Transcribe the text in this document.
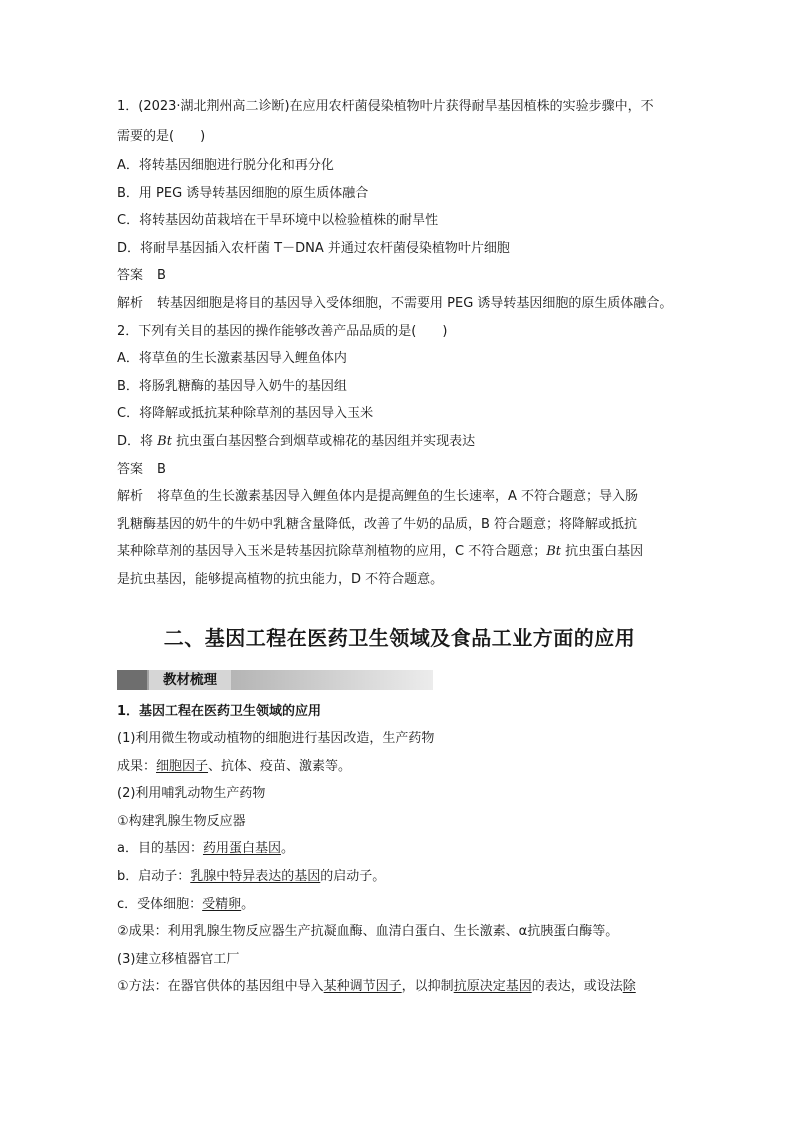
1．(2023·湖北荆州高二诊断)在应用农杆菌侵染植物叶片获得耐旱基因植株的实验步骤中，不
需要的是(　　)
A．将转基因细胞进行脱分化和再分化
B．用 PEG 诱导转基因细胞的原生质体融合
C．将转基因幼苗栽培在干旱环境中以检验植株的耐旱性
D．将耐旱基因插入农杆菌 T－DNA 并通过农杆菌侵染植物叶片细胞
答案 B
解析 转基因细胞是将目的基因导入受体细胞，不需要用 PEG 诱导转基因细胞的原生质体融合。
2．下列有关目的基因的操作能够改善产品品质的是(　　)
A．将草鱼的生长激素基因导入鲤鱼体内
B．将肠乳糖酶的基因导入奶牛的基因组
C．将降解或抵抗某种除草剂的基因导入玉米
D．将 Bt 抗虫蛋白基因整合到烟草或棉花的基因组并实现表达
答案 B
解析 将草鱼的生长激素基因导入鲤鱼体内是提高鲤鱼的生长速率，A 不符合题意；导入肠
乳糖酶基因的奶牛的牛奶中乳糖含量降低，改善了牛奶的品质，B 符合题意；将降解或抵抗
某种除草剂的基因导入玉米是转基因抗除草剂植物的应用，C 不符合题意；Bt 抗虫蛋白基因
是抗虫基因，能够提高植物的抗虫能力，D 不符合题意。
二、基因工程在医药卫生领域及食品工业方面的应用
教材梳理
1．基因工程在医药卫生领域的应用
(1)利用微生物或动植物的细胞进行基因改造，生产药物
成果：细胞因子、抗体、疫苗、激素等。
(2)利用哺乳动物生产药物
①构建乳腺生物反应器
a．目的基因：药用蛋白基因。
b．启动子：乳腺中特异表达的基因的启动子。
c．受体细胞：受精卵。
②成果：利用乳腺生物反应器生产抗凝血酶、血清白蛋白、生长激素、α抗胰蛋白酶等。
(3)建立移植器官工厂
①方法：在器官供体的基因组中导入某种调节因子，以抑制抗原决定基因的表达，或设法除
